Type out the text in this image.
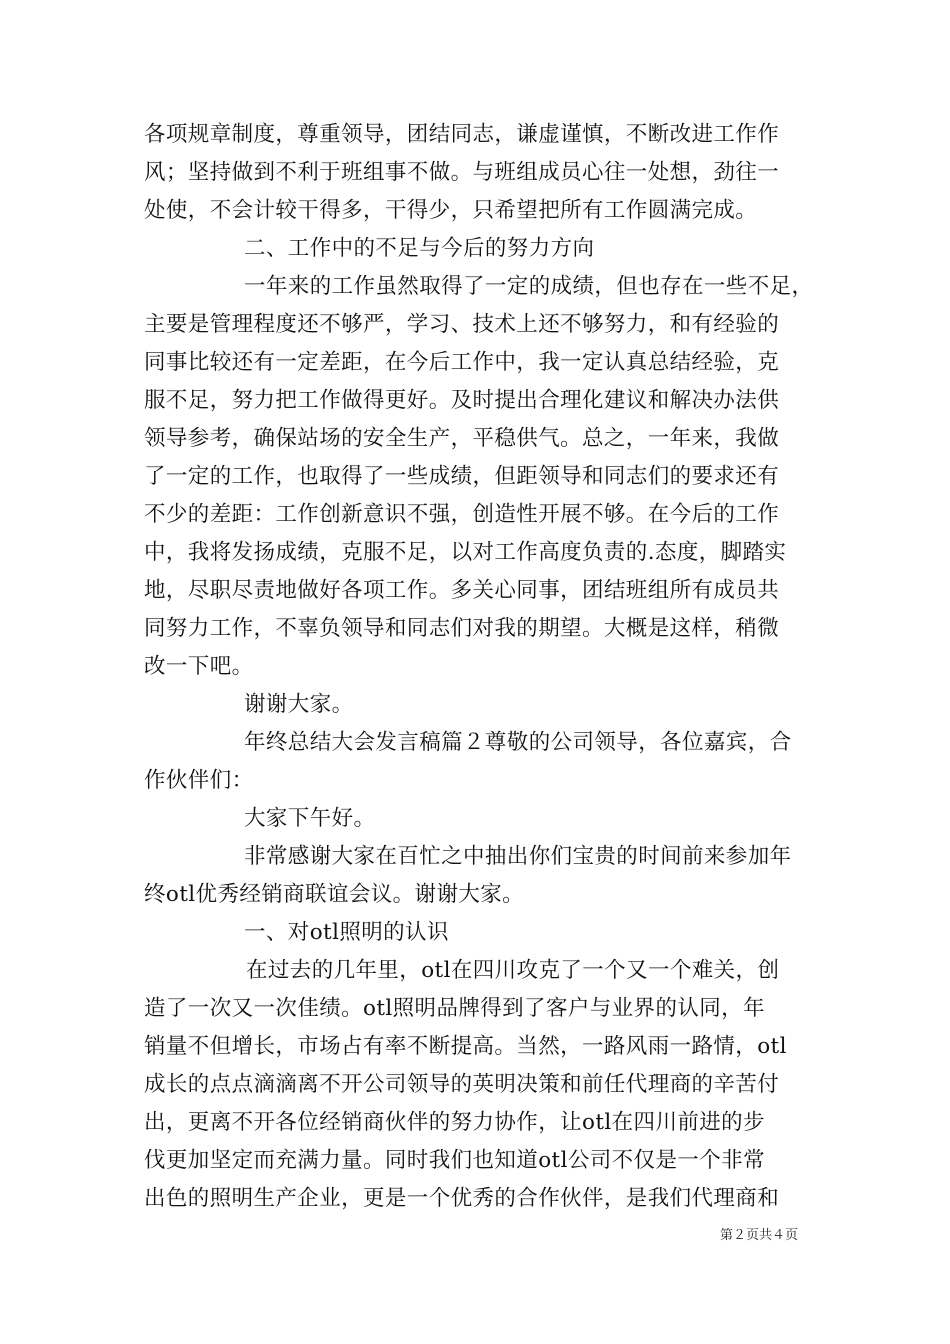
各项规章制度，尊重领导，团结同志，谦虚谨慎，不断改进工作作
风；坚持做到不利于班组事不做。与班组成员心往一处想，劲往一
处使，不会计较干得多，干得少，只希望把所有工作圆满完成。
二、工作中的不足与今后的努力方向
一年来的工作虽然取得了一定的成绩，但也存在一些不足，
主要是管理程度还不够严，学习、技术上还不够努力，和有经验的
同事比较还有一定差距，在今后工作中，我一定认真总结经验，克
服不足，努力把工作做得更好。及时提出合理化建议和解决办法供
领导参考，确保站场的安全生产，平稳供气。总之，一年来，我做
了一定的工作，也取得了一些成绩，但距领导和同志们的要求还有
不少的差距：工作创新意识不强，创造性开展不够。在今后的工作
中，我将发扬成绩，克服不足，以对工作高度负责的.态度，脚踏实
地，尽职尽责地做好各项工作。多关心同事，团结班组所有成员共
同努力工作，不辜负领导和同志们对我的期望。大概是这样，稍微
改一下吧。
谢谢大家。
年终总结大会发言稿篇２尊敬的公司领导，各位嘉宾，合
作伙伴们：
大家下午好。
非常感谢大家在百忙之中抽出你们宝贵的时间前来参加年
终otl优秀经销商联谊会议。谢谢大家。
一、对otl照明的认识
在过去的几年里，otl在四川攻克了一个又一个难关，创
造了一次又一次佳绩。otl照明品牌得到了客户与业界的认同，年
销量不但增长，市场占有率不断提高。当然，一路风雨一路情，otl
成长的点点滴滴离不开公司领导的英明决策和前任代理商的辛苦付
出，更离不开各位经销商伙伴的努力协作，让otl在四川前进的步
伐更加坚定而充满力量。同时我们也知道otl公司不仅是一个非常
出色的照明生产企业，更是一个优秀的合作伙伴，是我们代理商和
第２页共４页
